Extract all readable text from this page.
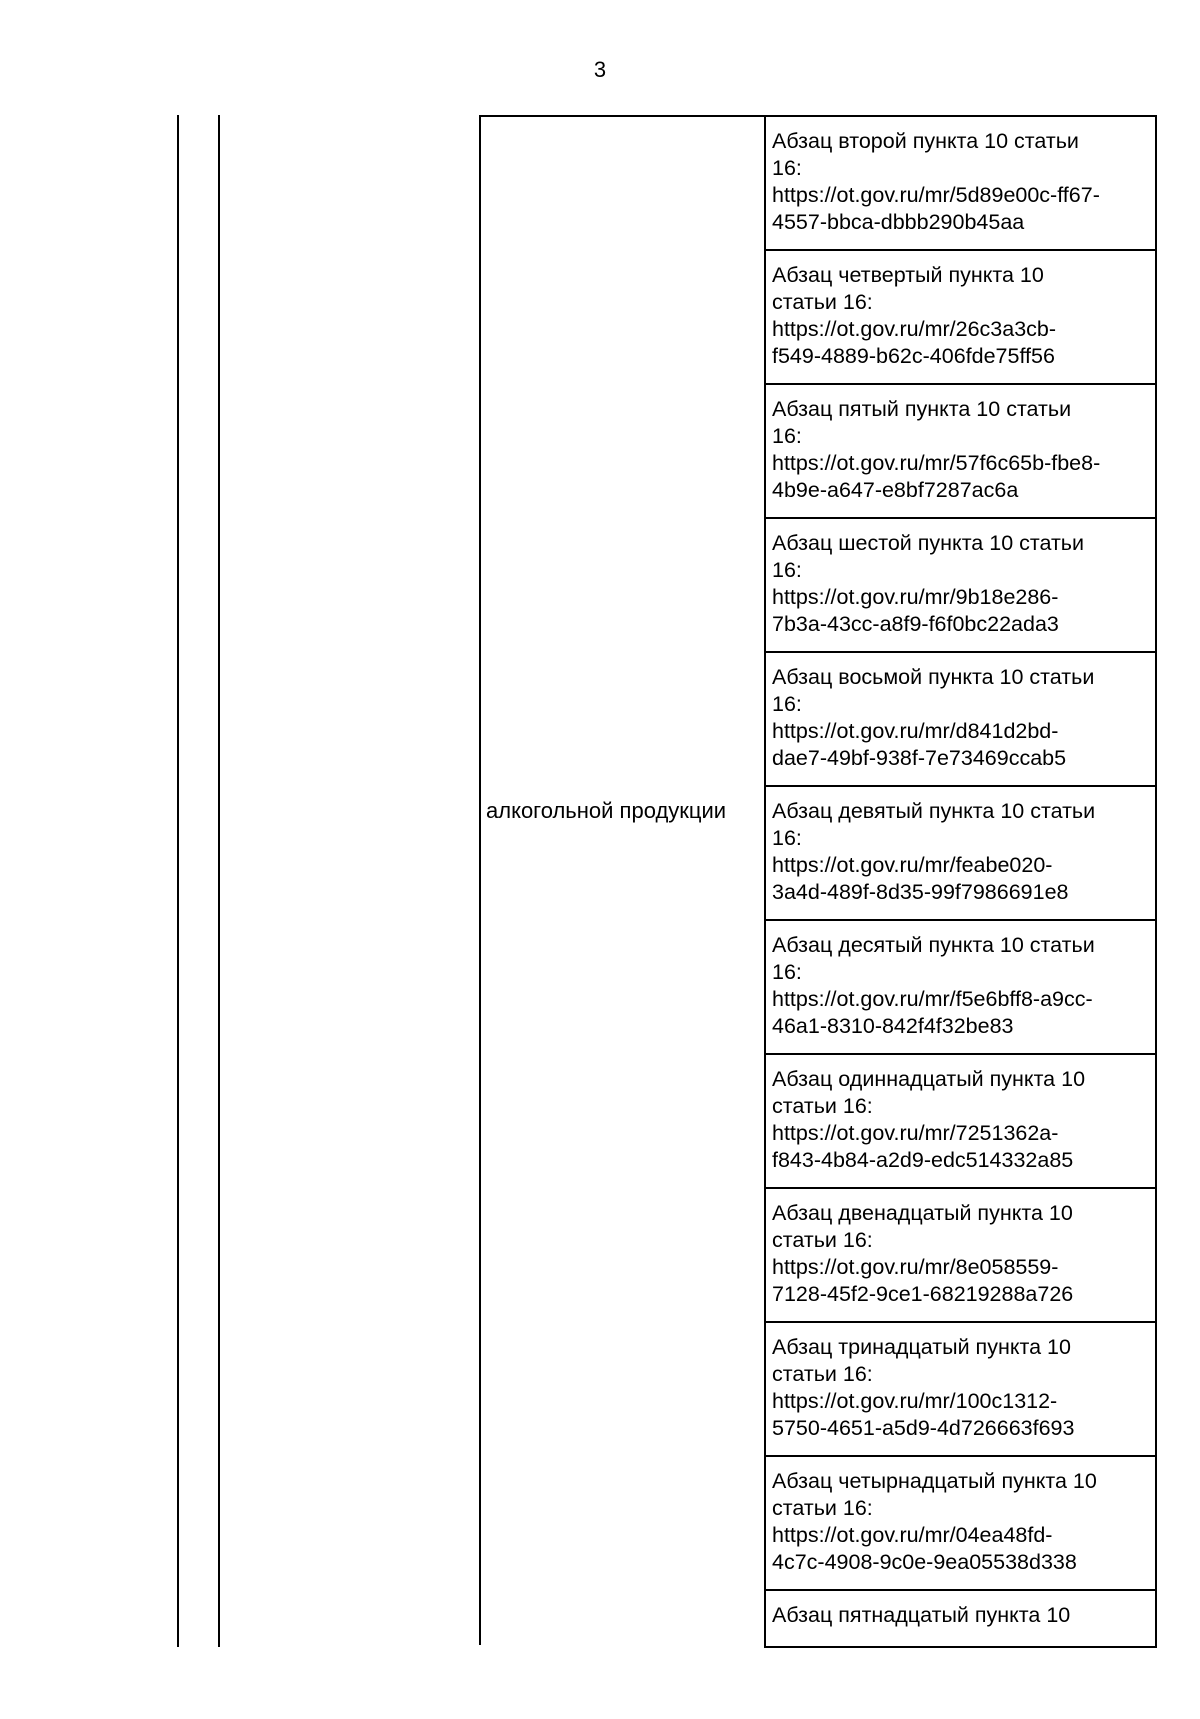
3
алкогольной продукции
Абзац второй пункта 10 статьи
16:
https://ot.gov.ru/mr/5d89e00c-ff67-
4557-bbca-dbbb290b45aa
Абзац четвертый пункта 10
статьи 16:
https://ot.gov.ru/mr/26c3a3cb-
f549-4889-b62c-406fde75ff56
Абзац пятый пункта 10 статьи
16:
https://ot.gov.ru/mr/57f6c65b-fbe8-
4b9e-a647-e8bf7287ac6a
Абзац шестой пункта 10 статьи
16:
https://ot.gov.ru/mr/9b18e286-
7b3a-43cc-a8f9-f6f0bc22ada3
Абзац восьмой пункта 10 статьи
16:
https://ot.gov.ru/mr/d841d2bd-
dae7-49bf-938f-7e73469ccab5
Абзац девятый пункта 10 статьи
16:
https://ot.gov.ru/mr/feabe020-
3a4d-489f-8d35-99f7986691e8
Абзац десятый пункта 10 статьи
16:
https://ot.gov.ru/mr/f5e6bff8-a9cc-
46a1-8310-842f4f32be83
Абзац одиннадцатый пункта 10
статьи 16:
https://ot.gov.ru/mr/7251362a-
f843-4b84-a2d9-edc514332a85
Абзац двенадцатый пункта 10
статьи 16:
https://ot.gov.ru/mr/8e058559-
7128-45f2-9ce1-68219288a726
Абзац тринадцатый пункта 10
статьи 16:
https://ot.gov.ru/mr/100c1312-
5750-4651-a5d9-4d726663f693
Абзац четырнадцатый пункта 10
статьи 16:
https://ot.gov.ru/mr/04ea48fd-
4c7c-4908-9c0e-9ea05538d338
Абзац пятнадцатый пункта 10
